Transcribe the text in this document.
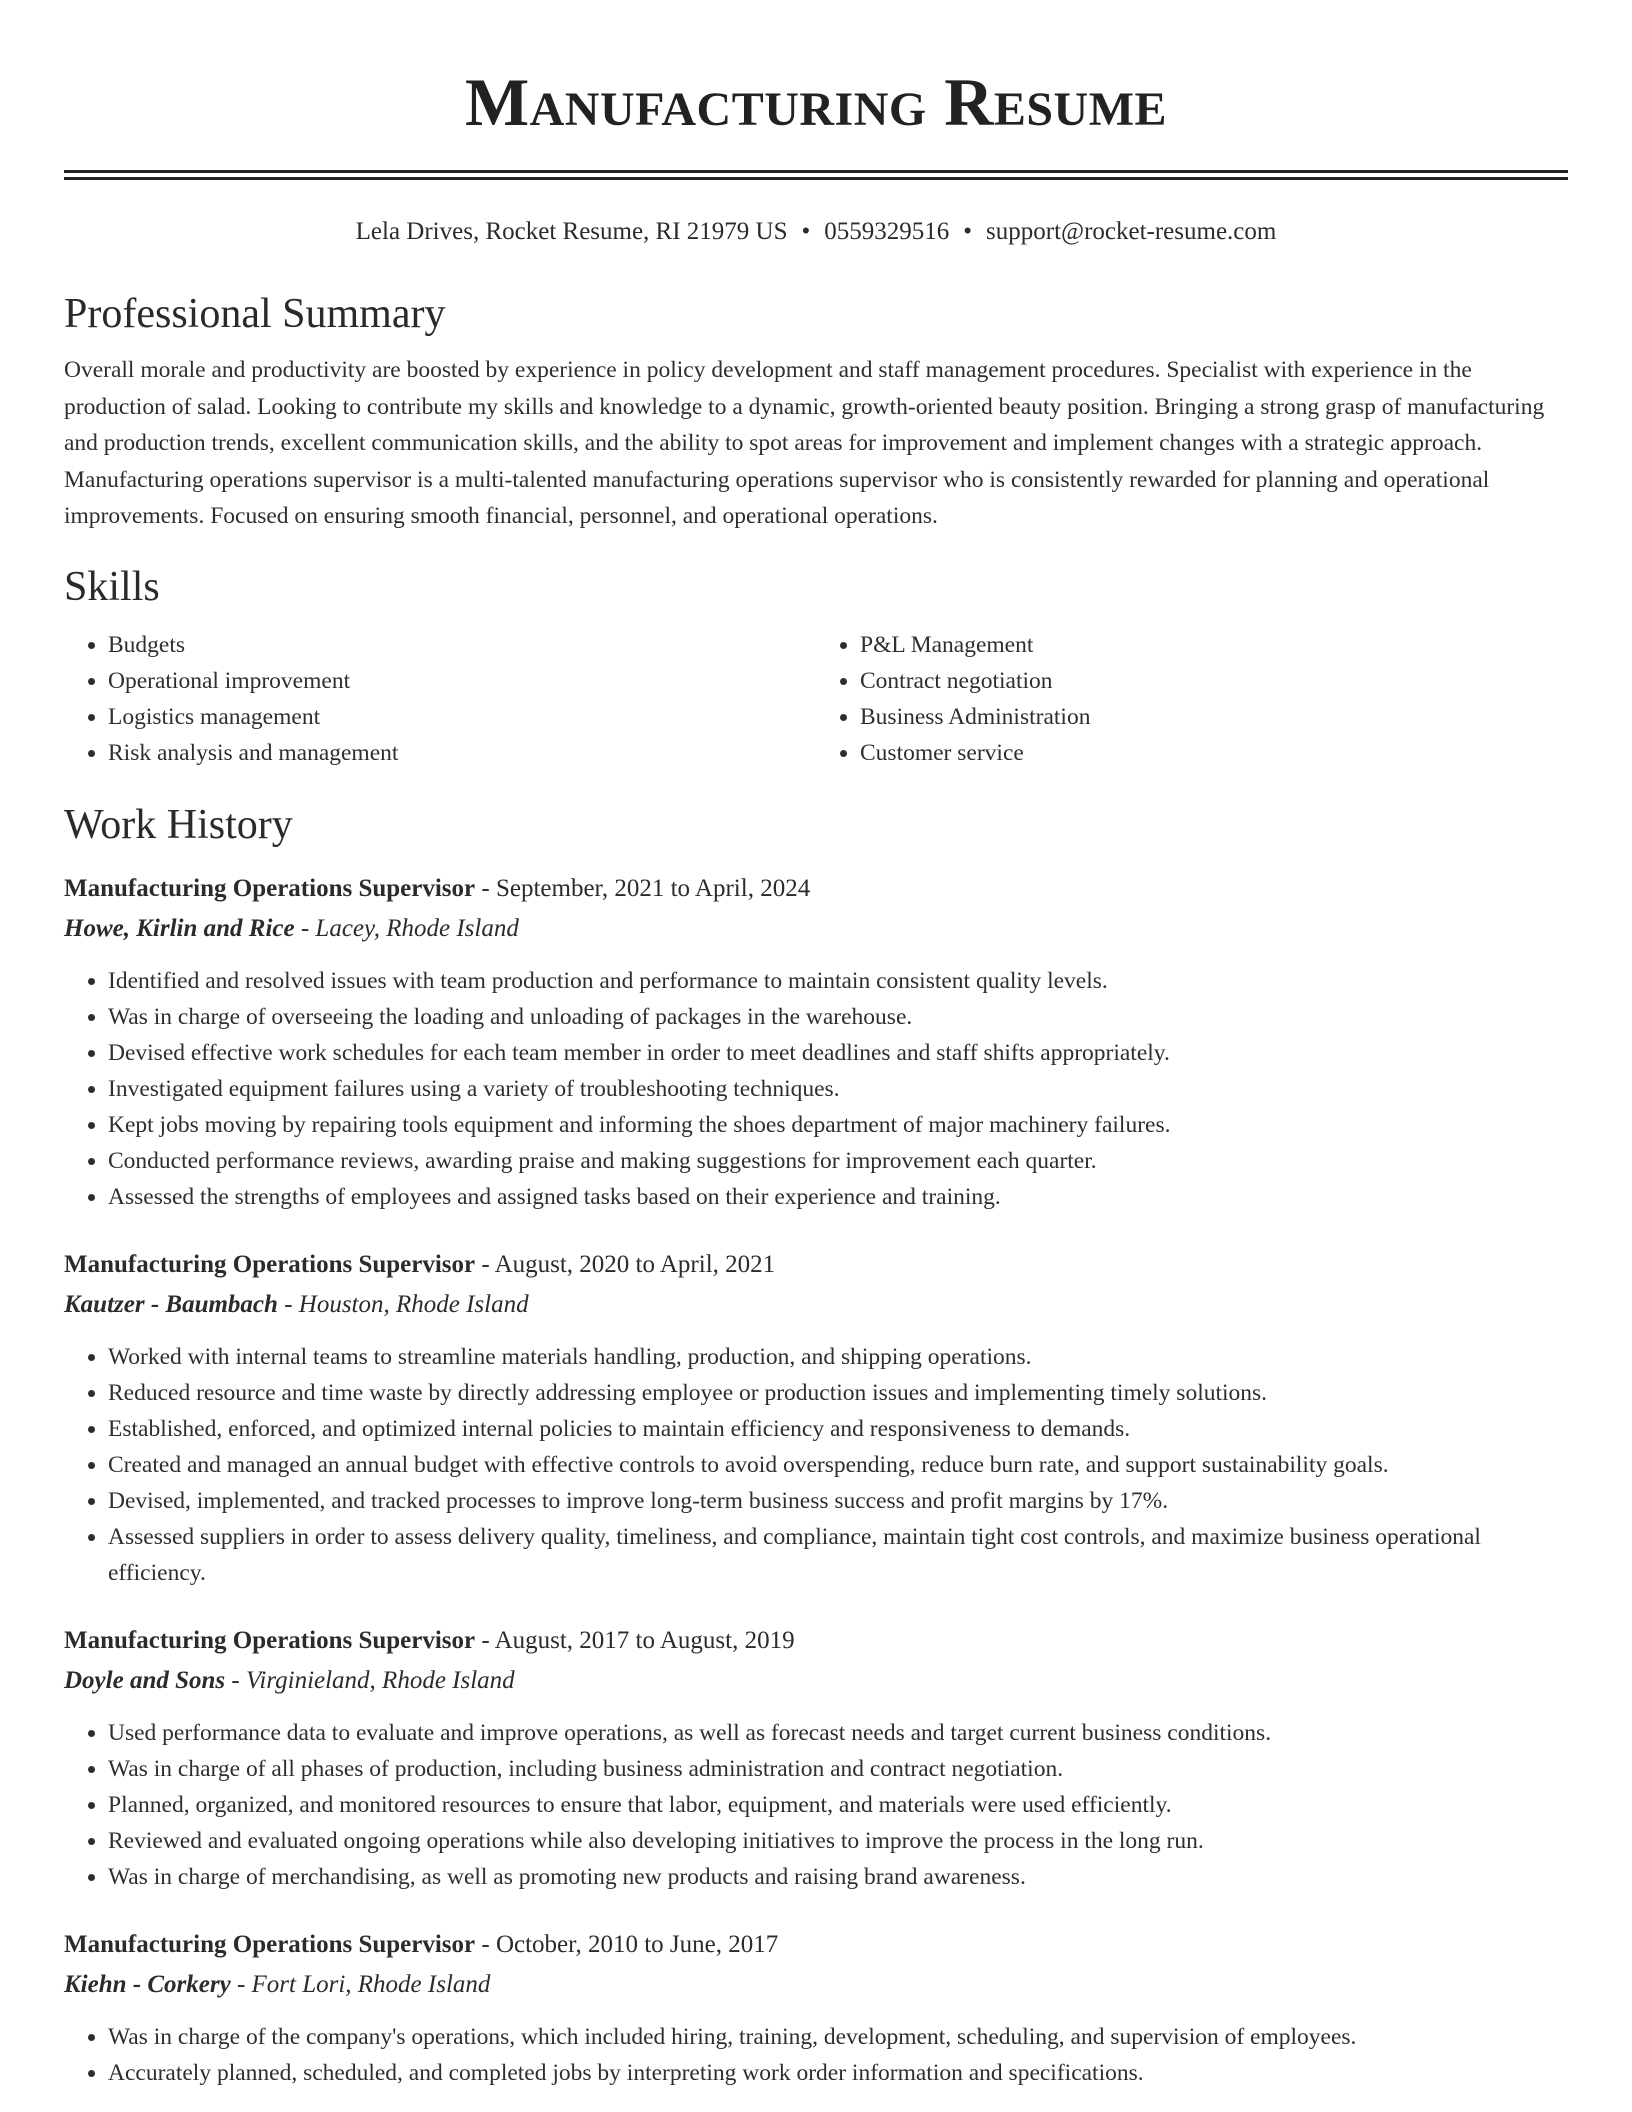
Manufacturing Resume
Lela Drives, Rocket Resume, RI 21979 US • 0559329516 • support@rocket-resume.com
Professional Summary

Overall morale and productivity are boosted by experience in policy development and staff management procedures. Specialist with experience in the production of salad. Looking to contribute my skills and knowledge to a dynamic, growth-oriented beauty position. Bringing a strong grasp of manufacturing and production trends, excellent communication skills, and the ability to spot areas for improvement and implement changes with a strategic approach. Manufacturing operations supervisor is a multi-talented manufacturing operations supervisor who is consistently rewarded for planning and operational improvements. Focused on ensuring smooth financial, personnel, and operational operations.

Skills
• Budgets
• Operational improvement
• Logistics management
• Risk analysis and management
• P&L Management
• Contract negotiation
• Business Administration
• Customer service
Work History
Manufacturing Operations Supervisor - September, 2021 to April, 2024
Howe, Kirlin and Rice - Lacey, Rhode Island
• Identified and resolved issues with team production and performance to maintain consistent quality levels.
• Was in charge of overseeing the loading and unloading of packages in the warehouse.
• Devised effective work schedules for each team member in order to meet deadlines and staff shifts appropriately.
• Investigated equipment failures using a variety of troubleshooting techniques.
• Kept jobs moving by repairing tools equipment and informing the shoes department of major machinery failures.
• Conducted performance reviews, awarding praise and making suggestions for improvement each quarter.
• Assessed the strengths of employees and assigned tasks based on their experience and training.
Manufacturing Operations Supervisor - August, 2020 to April, 2021
Kautzer - Baumbach - Houston, Rhode Island
• Worked with internal teams to streamline materials handling, production, and shipping operations.
• Reduced resource and time waste by directly addressing employee or production issues and implementing timely solutions.
• Established, enforced, and optimized internal policies to maintain efficiency and responsiveness to demands.
• Created and managed an annual budget with effective controls to avoid overspending, reduce burn rate, and support sustainability goals.
• Devised, implemented, and tracked processes to improve long-term business success and profit margins by 17%.
• Assessed suppliers in order to assess delivery quality, timeliness, and compliance, maintain tight cost controls, and maximize business operational efficiency.
Manufacturing Operations Supervisor - August, 2017 to August, 2019
Doyle and Sons - Virginieland, Rhode Island
• Used performance data to evaluate and improve operations, as well as forecast needs and target current business conditions.
• Was in charge of all phases of production, including business administration and contract negotiation.
• Planned, organized, and monitored resources to ensure that labor, equipment, and materials were used efficiently.
• Reviewed and evaluated ongoing operations while also developing initiatives to improve the process in the long run.
• Was in charge of merchandising, as well as promoting new products and raising brand awareness.
Manufacturing Operations Supervisor - October, 2010 to June, 2017
Kiehn - Corkery - Fort Lori, Rhode Island
• Was in charge of the company's operations, which included hiring, training, development, scheduling, and supervision of employees.
• Accurately planned, scheduled, and completed jobs by interpreting work order information and specifications.
